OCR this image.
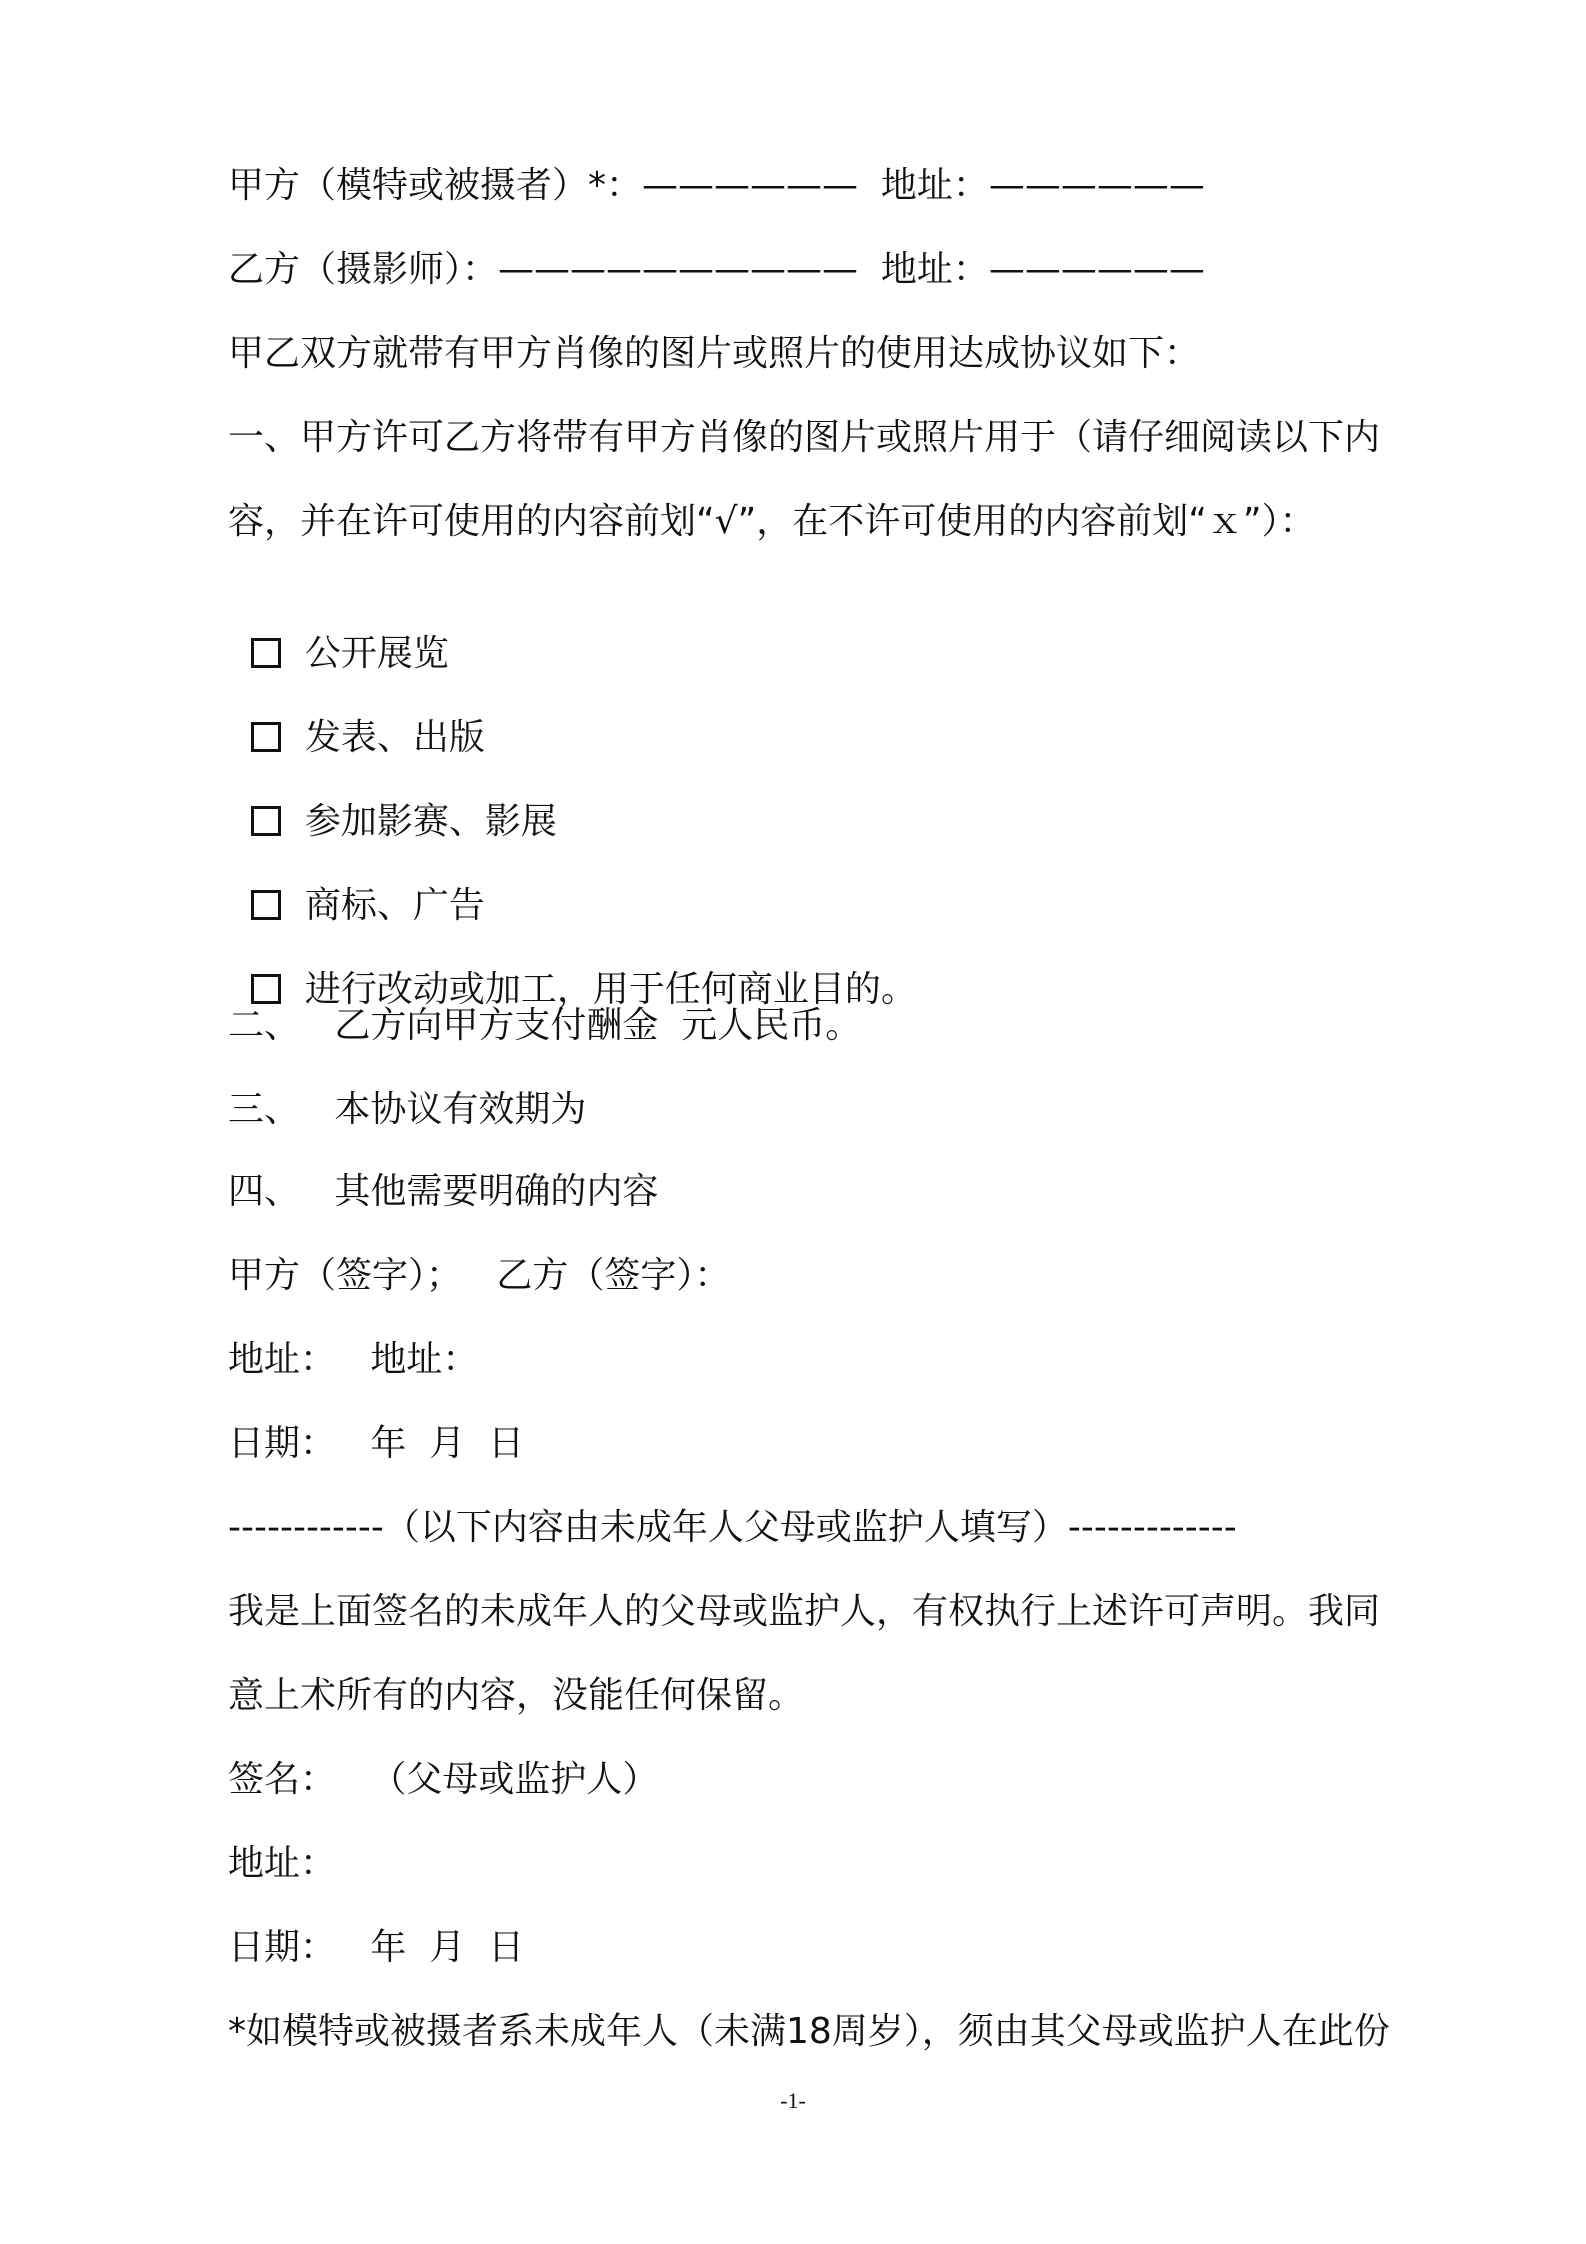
甲方（模特或被摄者）*：——————  地址：——————
乙方（摄影师）：——————————  地址：——————
甲乙双方就带有甲方肖像的图片或照片的使用达成协议如下：
一、甲方许可乙方将带有甲方肖像的图片或照片用于（请仔细阅读以下内
容，并在许可使用的内容前划“√”，在不许可使用的内容前划“ｘ”）：

公开展览

发表、出版

参加影赛、影展

商标、广告

进行改动或加工，用于任何商业目的。

二、   乙方向甲方支付酬金  元人民币。
三、   本协议有效期为
四、   其他需要明确的内容
甲方（签字）；   乙方（签字）：
地址：   地址：
日期：   年  月  日
------------（以下内容由未成年人父母或监护人填写）-------------
我是上面签名的未成年人的父母或监护人，有权执行上述许可声明。我同
意上术所有的内容，没能任何保留。
签名：   （父母或监护人）
地址：
日期：   年  月  日
*如模特或被摄者系未成年人（未满18周岁），须由其父母或监护人在此份
-1-
